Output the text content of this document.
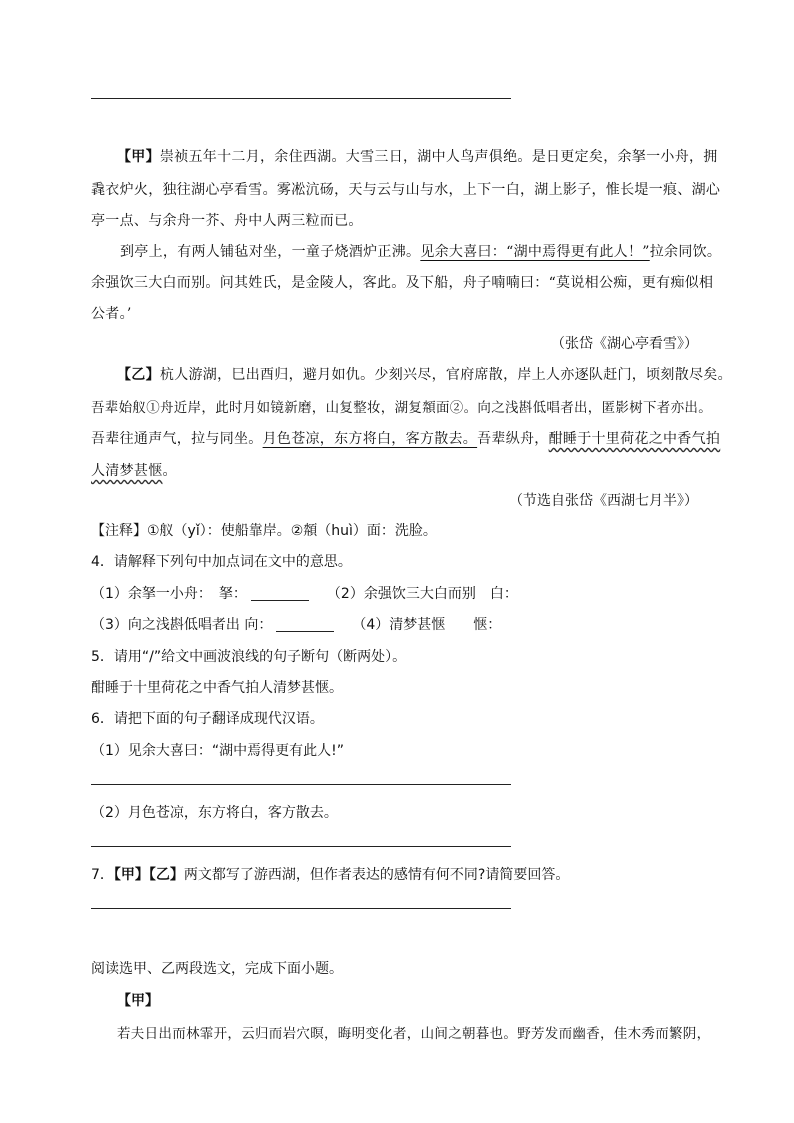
【甲】崇祯五年十二月，余住西湖。大雪三日，湖中人鸟声俱绝。是日更定矣，余拏一小舟，拥
毳衣炉火，独往湖心亭看雪。雾凇沆砀，天与云与山与水，上下一白，湖上影子，惟长堤一痕、湖心
亭一点、与余舟一芥、舟中人两三粒而已。
到亭上，有两人铺毡对坐，一童子烧酒炉正沸。见余大喜曰：“湖中焉得更有此人！”拉余同饮。
余强饮三大白而别。问其姓氏，是金陵人，客此。及下船，舟子喃喃曰：“莫说相公痴，更有痴似相
公者。’
（张岱《湖心亭看雪》）
【乙】杭人游湖，巳出酉归，避月如仇。少刻兴尽，官府席散，岸上人亦逐队赶门，顷刻散尽矣。
吾辈始舣①舟近岸，此时月如镜新磨，山复整妆，湖复頮面②。向之浅斟低唱者出，匿影树下者亦出。
吾辈往通声气，拉与同坐。月色苍凉，东方将白，客方散去。吾辈纵舟，酣睡于十里荷花之中香气拍
人清梦甚惬。
（节选自张岱《西湖七月半》）
【注释】①舣（yǐ）：使船靠岸。②頮（huì）面：洗脸。
4．请解释下列句中加点词在文中的意思。
（1）余拏一小舟：　拏：	（2）余强饮三大白而别　白：
（3）向之浅斟低唱者出 向：	（4）清梦甚惬　　惬：
5．请用“/”给文中画波浪线的句子断句（断两处）。
酣睡于十里荷花之中香气拍人清梦甚惬。
6．请把下面的句子翻译成现代汉语。
（1）见余大喜曰：“湖中焉得更有此人!”
（2）月色苍凉，东方将白，客方散去。
7．【甲】【乙】两文都写了游西湖，但作者表达的感情有何不同?请简要回答。
阅读选甲、乙两段选文，完成下面小题。
【甲】
若夫日出而林霏开，云归而岩穴暝，晦明变化者，山间之朝暮也。野芳发而幽香，佳木秀而繁阴，
